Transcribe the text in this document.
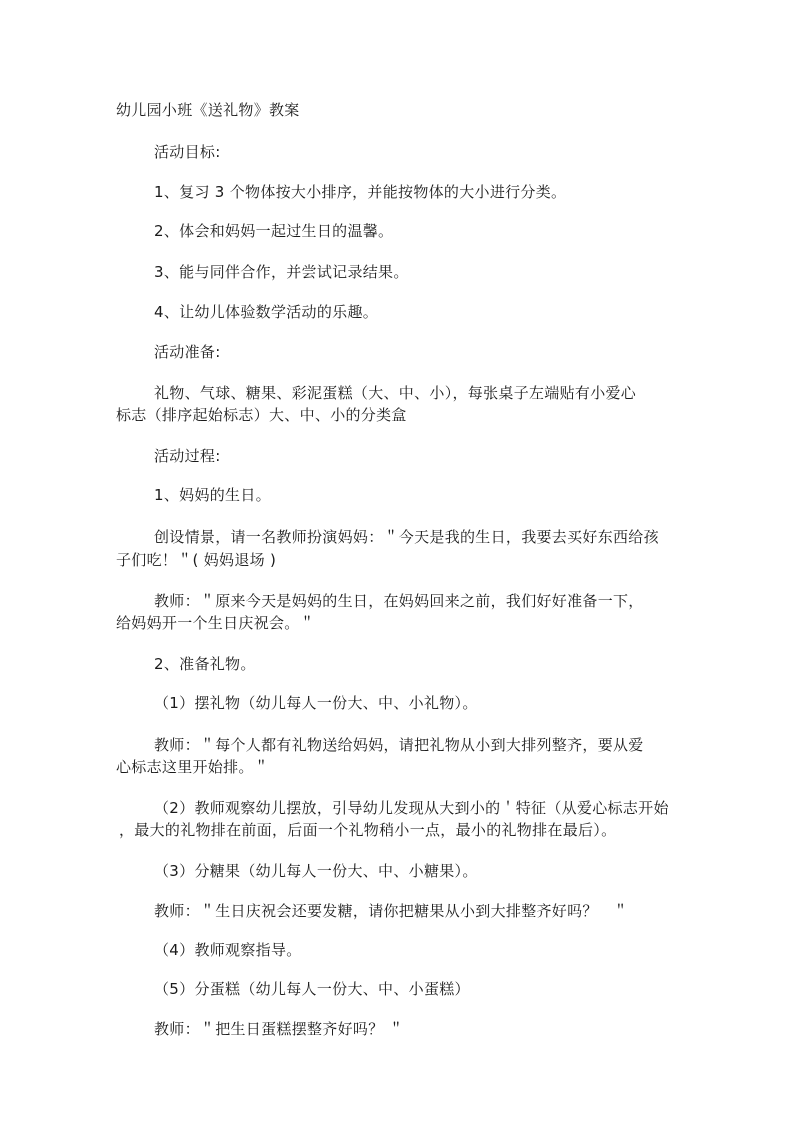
幼儿园小班《送礼物》教案
活动目标:
1、复习 3 个物体按大小排序，并能按物体的大小进行分类。
2、体会和妈妈一起过生日的温馨。
3、能与同伴合作，并尝试记录结果。
4、让幼儿体验数学活动的乐趣。
活动准备:
礼物、气球、糖果、彩泥蛋糕（大、中、小），每张桌子左端贴有小爱心
标志（排序起始标志）大、中、小的分类盒
活动过程:
1、妈妈的生日。
创设情景，请一名教师扮演妈妈：＂今天是我的生日，我要去买好东西给孩
子们吃！＂( 妈妈退场 )
教师：＂原来今天是妈妈的生日，在妈妈回来之前，我们好好准备一下，
给妈妈开一个生日庆祝会。＂
2、准备礼物。
（1）摆礼物（幼儿每人一份大、中、小礼物）。
教师：＂每个人都有礼物送给妈妈，请把礼物从小到大排列整齐，要从爱
心标志这里开始排。＂
（2）教师观察幼儿摆放，引导幼儿发现从大到小的＇特征（从爱心标志开始
，最大的礼物排在前面，后面一个礼物稍小一点，最小的礼物排在最后）。
（3）分糖果（幼儿每人一份大、中、小糖果）。
教师：＂生日庆祝会还要发糖，请你把糖果从小到大排整齐好吗？　＂
（4）教师观察指导。
（5）分蛋糕（幼儿每人一份大、中、小蛋糕）
教师：＂把生日蛋糕摆整齐好吗？ ＂
